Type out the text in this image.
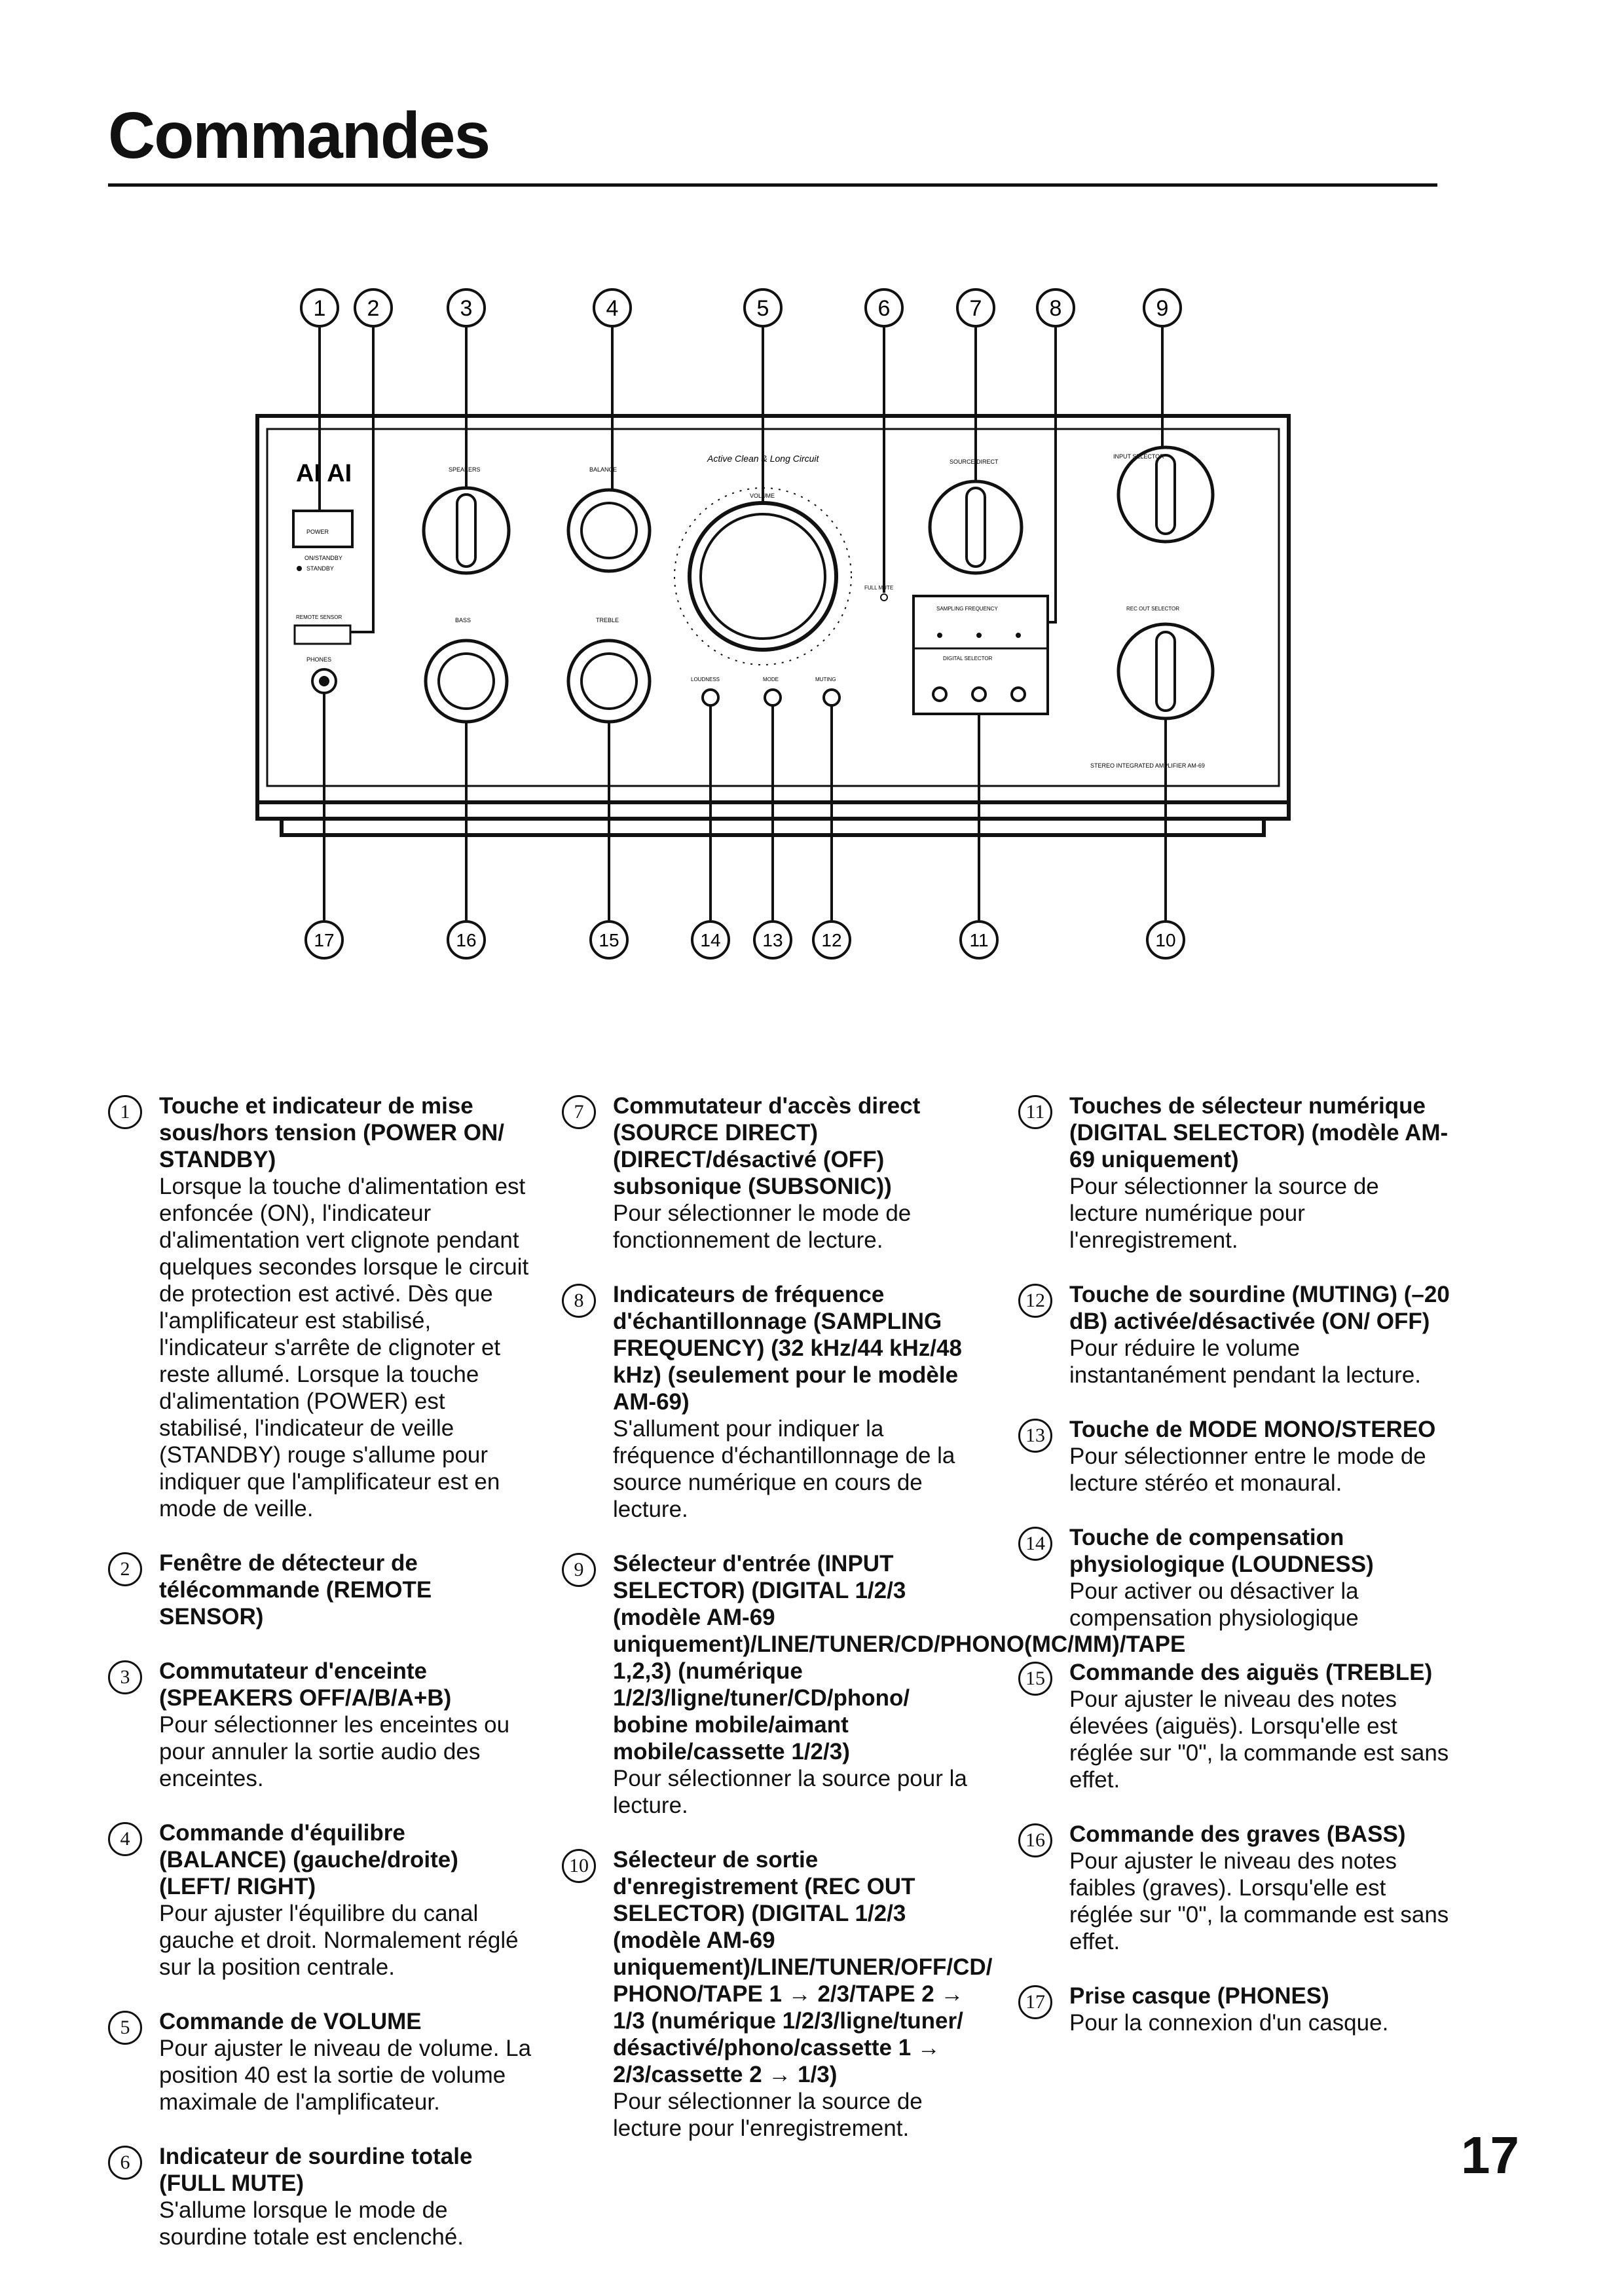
Commandes
AI AI
POWER
ON/STANDBY
STANDBY
REMOTE SENSOR
PHONES
SPEAKERS	BALANCE
BASS	TREBLE
Active Clean & Long Circuit
VOLUME
FULL MUTE
LOUDNESS	MODE	MUTING
SOURCE DIRECT
SAMPLING FREQUENCY
DIGITAL SELECTOR
INPUT SELECTOR
REC OUT SELECTOR
STEREO INTEGRATED AMPLIFIER AM-69
1 2	3	4	5	6	7	8	9
17	16	15	14 13 12	11	10
1	Touche et indicateur de mise sous/hors tension (POWER ON/ STANDBY)

Lorsque la touche d'alimentation est enfoncée (ON), l'indicateur d'alimentation vert clignote pendant quelques secondes lorsque le circuit de protection est activé. Dès que l'amplificateur est stabilisé, l'indicateur s'arrête de clignoter et reste allumé. Lorsque la touche d'alimentation (POWER) est stabilisé, l'indicateur de veille (STANDBY) rouge s'allume pour indiquer que l'amplificateur est en mode de veille.

2	Fenêtre de détecteur de télécommande (REMOTE SENSOR)

3	Commutateur d'enceinte (SPEAKERS OFF/A/B/A+B)

Pour sélectionner les enceintes ou pour annuler la sortie audio des enceintes.

4	Commande d'équilibre (BALANCE) (gauche/droite) (LEFT/ RIGHT)

Pour ajuster l'équilibre du canal gauche et droit. Normalement réglé sur la position centrale.

5	Commande de VOLUME

Pour ajuster le niveau de volume. La position 40 est la sortie de volume maximale de l'amplificateur.

6	Indicateur de sourdine totale (FULL MUTE)

S'allume lorsque le mode de sourdine totale est enclenché.

7	Commutateur d'accès direct (SOURCE DIRECT) (DIRECT/désactivé (OFF) subsonique (SUBSONIC))

Pour sélectionner le mode de fonctionnement de lecture.

8	Indicateurs de fréquence d'échantillonnage (SAMPLING FREQUENCY) (32 kHz/44 kHz/48 kHz) (seulement pour le modèle AM-69)

S'allument pour indiquer la fréquence d'échantillonnage de la source numérique en cours de lecture.

9	Sélecteur d'entrée (INPUT SELECTOR) (DIGITAL 1/2/3 (modèle AM-69 uniquement)/LINE/TUNER/CD/PHONO(MC/MM)/TAPE 1,2,3) (numérique 1/2/3/ligne/tuner/CD/phono/ bobine mobile/aimant mobile/cassette 1/2/3)

Pour sélectionner la source pour la lecture.

10	Sélecteur de sortie d'enregistrement (REC OUT SELECTOR) (DIGITAL 1/2/3 (modèle AM-69 uniquement)/LINE/TUNER/OFF/CD/ PHONO/TAPE 1 → 2/3/TAPE 2 → 1/3 (numérique 1/2/3/ligne/tuner/ désactivé/phono/cassette 1 → 2/3/cassette 2 → 1/3)

Pour sélectionner la source de lecture pour l'enregistrement.

11	Touches de sélecteur numérique (DIGITAL SELECTOR) (modèle AM-69 uniquement)

Pour sélectionner la source de lecture numérique pour l'enregistrement.

12	Touche de sourdine (MUTING) (–20 dB) activée/désactivée (ON/ OFF)

Pour réduire le volume instantanément pendant la lecture.

13	Touche de MODE MONO/STEREO

Pour sélectionner entre le mode de lecture stéréo et monaural.

14	Touche de compensation physiologique (LOUDNESS)

Pour activer ou désactiver la compensation physiologique

15	Commande des aiguës (TREBLE)

Pour ajuster le niveau des notes élevées (aiguës). Lorsqu'elle est réglée sur "0", la commande est sans effet.

16	Commande des graves (BASS)

Pour ajuster le niveau des notes faibles (graves). Lorsqu'elle est réglée sur "0", la commande est sans effet.

17	Prise casque (PHONES)

Pour la connexion d'un casque.

17
